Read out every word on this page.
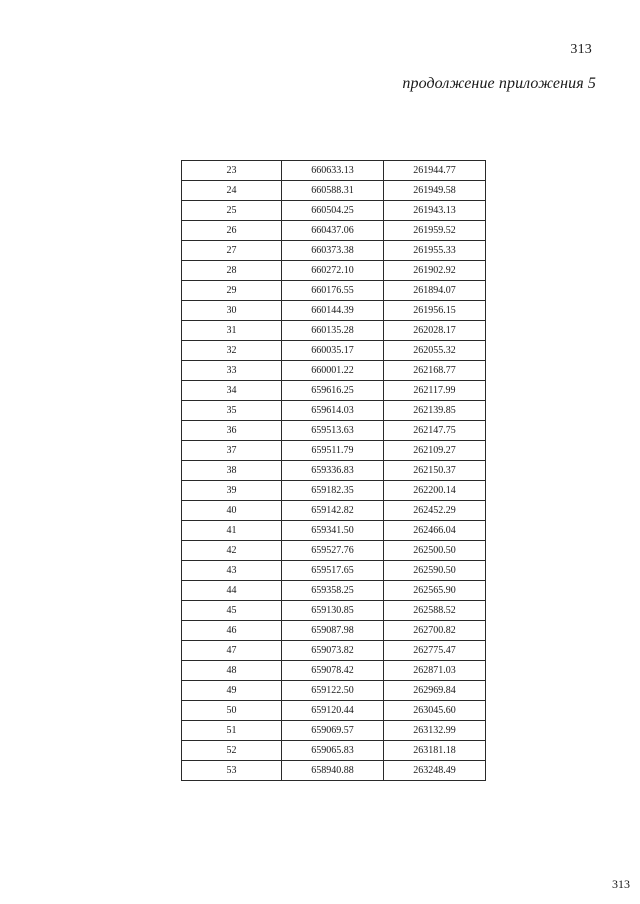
313
продолжение приложения 5
23	660633.13	261944.77
24	660588.31	261949.58
25	660504.25	261943.13
26	660437.06	261959.52
27	660373.38	261955.33
28	660272.10	261902.92
29	660176.55	261894.07
30	660144.39	261956.15
31	660135.28	262028.17
32	660035.17	262055.32
33	660001.22	262168.77
34	659616.25	262117.99
35	659614.03	262139.85
36	659513.63	262147.75
37	659511.79	262109.27
38	659336.83	262150.37
39	659182.35	262200.14
40	659142.82	262452.29
41	659341.50	262466.04
42	659527.76	262500.50
43	659517.65	262590.50
44	659358.25	262565.90
45	659130.85	262588.52
46	659087.98	262700.82
47	659073.82	262775.47
48	659078.42	262871.03
49	659122.50	262969.84
50	659120.44	263045.60
51	659069.57	263132.99
52	659065.83	263181.18
53	658940.88	263248.49
313
